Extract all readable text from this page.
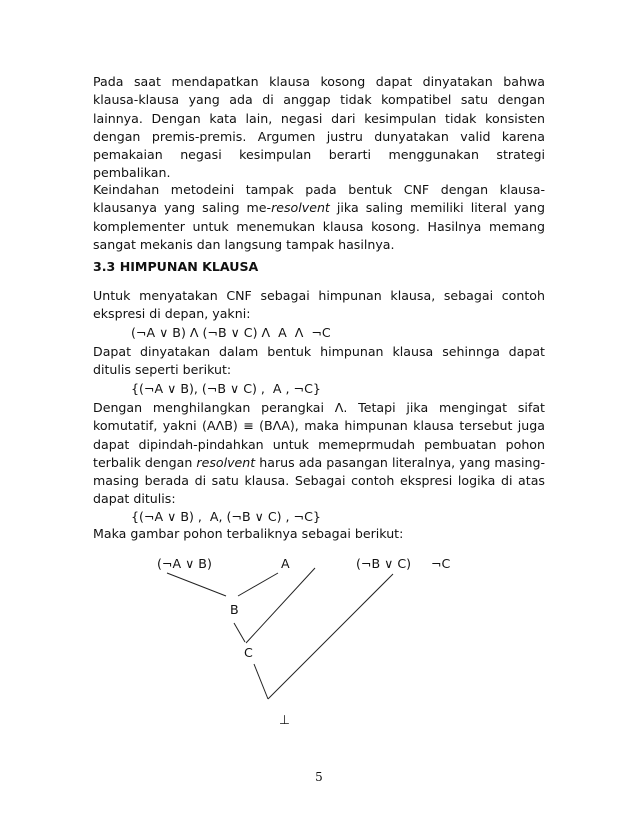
Pada saat mendapatkan klausa kosong dapat dinyatakan bahwa
klausa-klausa yang ada di anggap tidak kompatibel satu dengan
lainnya. Dengan kata lain, negasi dari kesimpulan tidak konsisten
dengan premis-premis. Argumen justru dunyatakan valid karena
pemakaian negasi kesimpulan berarti menggunakan strategi
pembalikan.
Keindahan metodeini tampak pada bentuk CNF dengan klausa-
klausanya yang saling me-resolvent jika saling memiliki literal yang
komplementer untuk menemukan klausa kosong. Hasilnya memang
sangat mekanis dan langsung tampak hasilnya.
3.3 HIMPUNAN KLAUSA
Untuk menyatakan CNF sebagai himpunan klausa, sebagai contoh
ekspresi di depan, yakni:
(¬A ∨ B) Λ (¬B ∨ C) Λ  A  Λ  ¬C
Dapat dinyatakan dalam bentuk himpunan klausa sehinnga dapat
ditulis seperti berikut:
{(¬A ∨ B), (¬B ∨ C) ,  A , ¬C}
Dengan menghilangkan perangkai Λ. Tetapi jika mengingat sifat
komutatif, yakni (AΛB) ≡ (BΛA), maka himpunan klausa tersebut juga
dapat dipindah-pindahkan untuk memeprmudah pembuatan pohon
terbalik dengan resolvent harus ada pasangan literalnya, yang masing-
masing berada di satu klausa. Sebagai contoh ekspresi logika di atas
dapat ditulis:
{(¬A ∨ B) ,  A, (¬B ∨ C) , ¬C}
Maka gambar pohon terbaliknya sebagai berikut:
(¬A ∨ B)	A	(¬B ∨ C) ¬C
B
C
⊥
5
